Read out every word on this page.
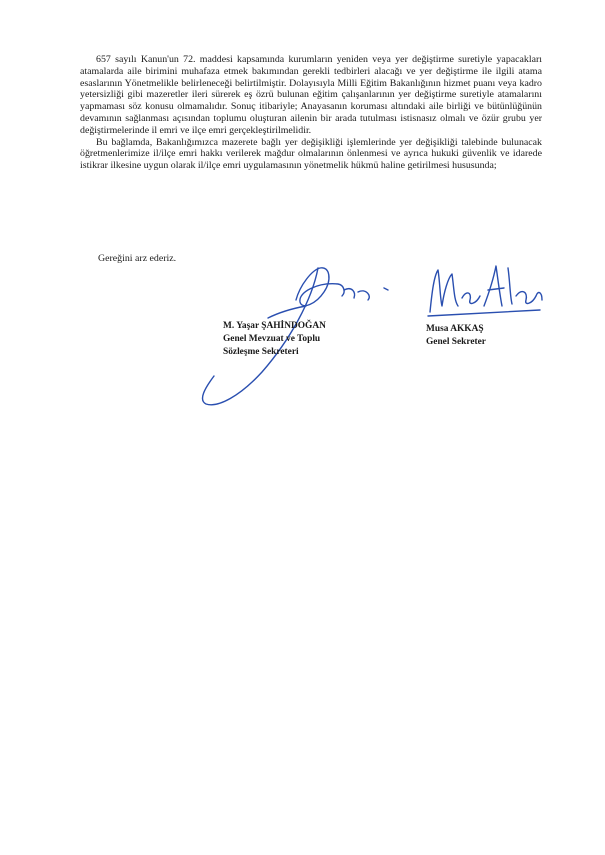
657 sayılı Kanun'un 72. maddesi kapsamında kurumların yeniden veya yer değiştirme suretiyle yapacakları atamalarda aile birimini muhafaza etmek bakımından gerekli tedbirleri alacağı ve yer değiştirme ile ilgili atama esaslarının Yönetmelikle belirleneceği belirtilmiştir. Dolayısıyla Milli Eğitim Bakanlığının hizmet puanı veya kadro yetersizliği gibi mazeretler ileri sürerek eş özrü bulunan eğitim çalışanlarının yer değiştirme suretiyle atamalarını yapmaması söz konusu olmamalıdır. Sonuç itibariyle; Anayasanın koruması altındaki aile birliği ve bütünlüğünün devamının sağlanması açısından toplumu oluşturan ailenin bir arada tutulması istisnasız olmalı ve özür grubu yer değiştirmelerinde il emri ve ilçe emri gerçekleştirilmelidir.

Bu bağlamda, Bakanlığımızca mazerete bağlı yer değişikliği işlemlerinde yer değişikliği talebinde bulunacak öğretmenlerimize il/ilçe emri hakkı verilerek mağdur olmalarının önlenmesi ve ayrıca hukuki güvenlik ve idarede istikrar ilkesine uygun olarak il/ilçe emri uygulamasının yönetmelik hükmü haline getirilmesi hususunda;

Gereğini arz ederiz.
M. Yaşar ŞAHİNDOĞAN
Genel Mevzuat ve Toplu
Sözleşme Sekreteri
Musa AKKAŞ
Genel Sekreter
